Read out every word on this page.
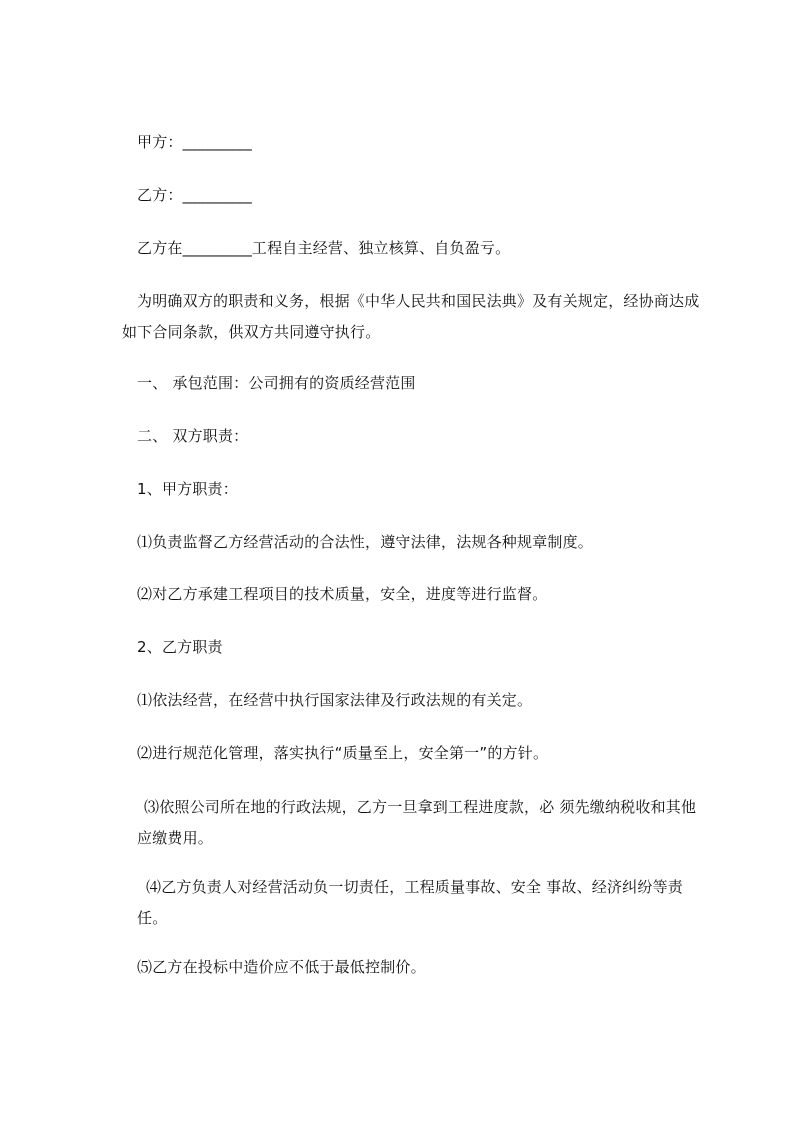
甲方：_________
乙方：_________
乙方在_________工程自主经营、独立核算、自负盈亏。
为明确双方的职责和义务，根据《中华人民共和国民法典》及有关规定，经协商达成如下合同条款，供双方共同遵守执行。
一、 承包范围：公司拥有的资质经营范围
二、 双方职责：
1、甲方职责：
⑴负责监督乙方经营活动的合法性，遵守法律，法规各种规章制度。
⑵对乙方承建工程项目的技术质量，安全，进度等进行监督。
2、乙方职责
⑴依法经营，在经营中执行国家法律及行政法规的有关定。
⑵进行规范化管理，落实执行“质量至上，安全第一”的方针。
⑶依照公司所在地的行政法规，乙方一旦拿到工程进度款，必 须先缴纳税收和其他应缴费用。
⑷乙方负责人对经营活动负一切责任，工程质量事故、安全 事故、经济纠纷等责任。
⑸乙方在投标中造价应不低于最低控制价。
